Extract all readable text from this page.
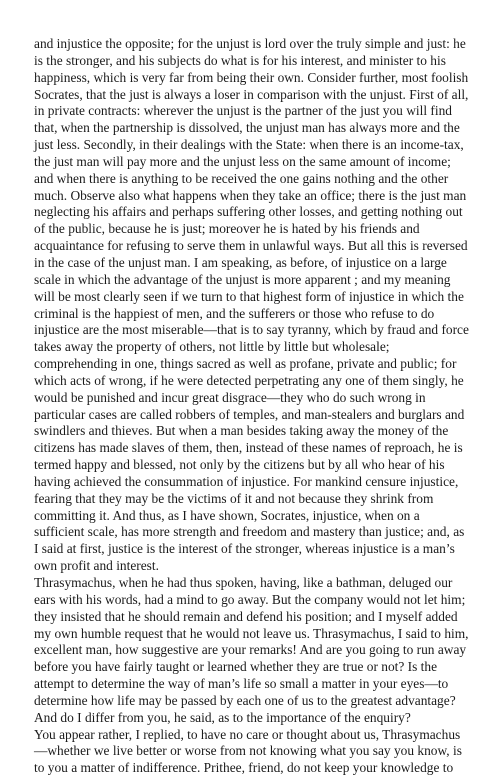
and injustice the opposite; for the unjust is lord over the truly simple and just: he is the stronger, and his subjects do what is for his interest, and minister to his happiness, which is very far from being their own. Consider further, most foolish Socrates, that the just is always a loser in comparison with the unjust. First of all, in private contracts: wherever the unjust is the partner of the just you will find that, when the partnership is dissolved, the unjust man has always more and the just less. Secondly, in their dealings with the State: when there is an income-tax, the just man will pay more and the unjust less on the same amount of income; and when there is anything to be received the one gains nothing and the other much. Observe also what happens when they take an office; there is the just man neglecting his affairs and perhaps suffering other losses, and getting nothing out of the public, because he is just; moreover he is hated by his friends and acquaintance for refusing to serve them in unlawful ways. But all this is reversed in the case of the unjust man. I am speaking, as before, of injustice on a large scale in which the advantage of the unjust is more apparent ; and my meaning will be most clearly seen if we turn to that highest form of injustice in which the criminal is the happiest of men, and the sufferers or those who refuse to do injustice are the most miserable—that is to say tyranny, which by fraud and force takes away the property of others, not little by little but wholesale; comprehending in one, things sacred as well as profane, private and public; for which acts of wrong, if he were detected perpetrating any one of them singly, he would be punished and incur great disgrace—they who do such wrong in particular cases are called robbers of temples, and man-stealers and burglars and swindlers and thieves. But when a man besides taking away the money of the citizens has made slaves of them, then, instead of these names of reproach, he is termed happy and blessed, not only by the citizens but by all who hear of his having achieved the consummation of injustice. For mankind censure injustice, fearing that they may be the victims of it and not because they shrink from committing it. And thus, as I have shown, Socrates, injustice, when on a sufficient scale, has more strength and freedom and mastery than justice; and, as I said at first, justice is the interest of the stronger, whereas injustice is a man’s own profit and interest.

Thrasymachus, when he had thus spoken, having, like a bathman, deluged our ears with his words, had a mind to go away. But the company would not let him; they insisted that he should remain and defend his position; and I myself added my own humble request that he would not leave us. Thrasymachus, I said to him, excellent man, how suggestive are your remarks! And are you going to run away before you have fairly taught or learned whether they are true or not? Is the attempt to determine the way of man’s life so small a matter in your eyes—to determine how life may be passed by each one of us to the greatest advantage?

And do I differ from you, he said, as to the importance of the enquiry?

You appear rather, I replied, to have no care or thought about us, Thrasymachus—whether we live better or worse from not knowing what you say you know, is to you a matter of indifference. Prithee, friend, do not keep your knowledge to
